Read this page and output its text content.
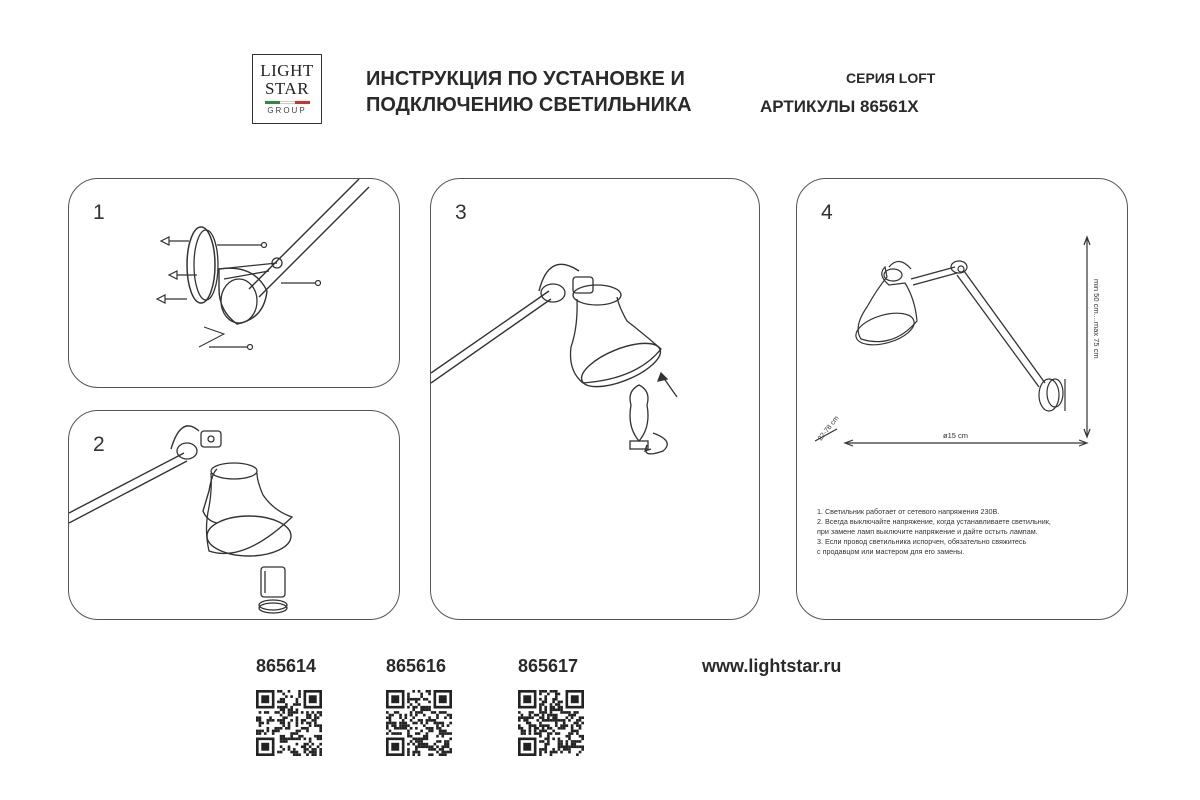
LIGHT
STAR
GROUP
ИНСТРУКЦИЯ ПО УСТАНОВКЕ И
ПОДКЛЮЧЕНИЮ СВЕТИЛЬНИКА
СЕРИЯ LOFT
АРТИКУЛЫ 86561X
1
2
3	4
min 50 cm....max 75 cm
ø15 cm
22-78 cm
1. Светильник работает от сетевого напряжения 230В.
2. Всегда выключайте напряжение, когда устанавливаете светильник,
при замене ламп выключите напряжение и дайте остыть лампам.
3. Если провод светильника испорчен, обязательно свяжитесь
с продавцом или мастером для его замены.
865614	865616	865617	www.lightstar.ru
